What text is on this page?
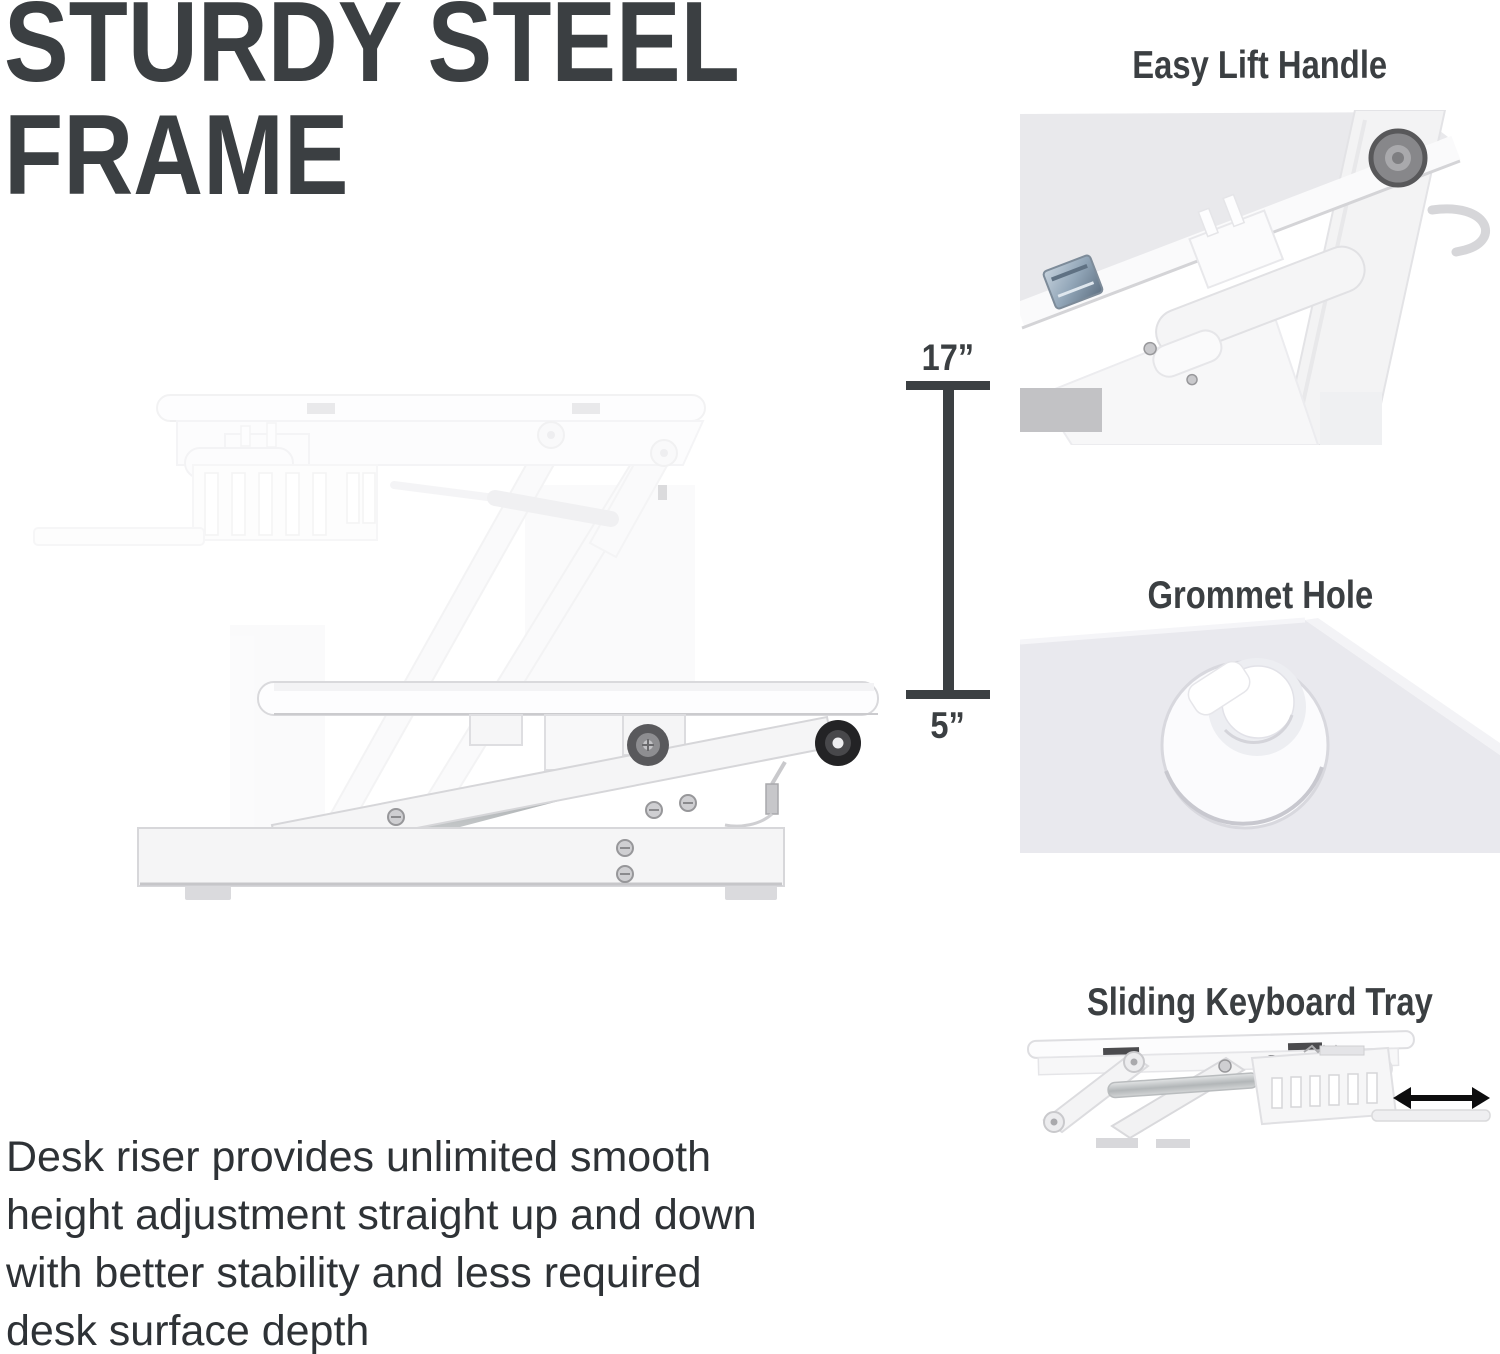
STURDY STEEL
FRAME
17”
5”
Easy Lift Handle
Grommet Hole
Sliding Keyboard Tray

Desk riser provides unlimited smooth height adjustment straight up and down with better stability and less required desk surface depth
